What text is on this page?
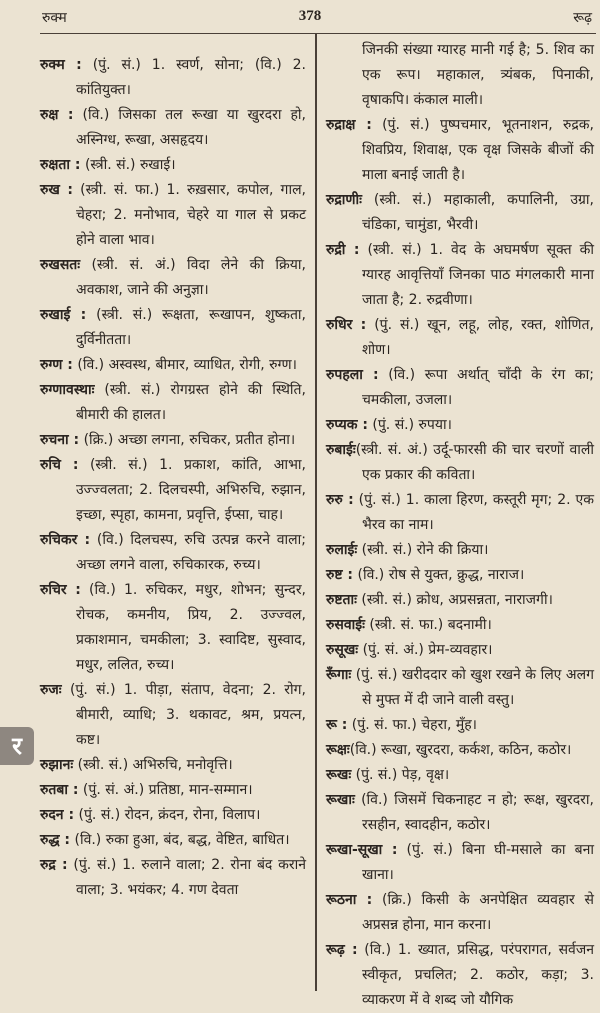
रुक्म	378	रूढ़
र

रुक्म : (पुं. सं.) 1. स्वर्ण, सोना; (वि.) 2. कांतियुक्त।

रुक्ष : (वि.) जिसका तल रूखा या खुरदरा हो, अस्निग्ध, रूखा, असहृदय।

रुक्षता : (स्त्री. सं.) रुखाई।

रुख : (स्त्री. सं. फा.) 1. रुख़सार, कपोल, गाल, चेहरा; 2. मनोभाव, चेहरे या गाल से प्रकट होने वाला भाव।

रुखसतः (स्त्री. सं. अं.) विदा लेने की क्रिया, अवकाश, जाने की अनुज्ञा।

रुखाई : (स्त्री. सं.) रूक्षता, रूखापन, शुष्कता, दुर्विनीतता।

रुग्ण : (वि.) अस्वस्थ, बीमार, व्याधित, रोगी, रुग्ण।

रुग्णावस्थाः (स्त्री. सं.) रोगग्रस्त होने की स्थिति, बीमारी की हालत।

रुचना : (क्रि.) अच्छा लगना, रुचिकर, प्रतीत होना।

रुचि : (स्त्री. सं.) 1. प्रकाश, कांति, आभा, उज्ज्वलता; 2. दिलचस्पी, अभिरुचि, रुझान, इच्छा, स्पृहा, कामना, प्रवृत्ति, ईप्सा, चाह।

रुचिकर : (वि.) दिलचस्प, रुचि उत्पन्न करने वाला; अच्छा लगने वाला, रुचिकारक, रुच्य।

रुचिर : (वि.) 1. रुचिकर, मधुर, शोभन; सुन्दर, रोचक, कमनीय, प्रिय, 2. उज्ज्वल, प्रकाशमान, चमकीला; 3. स्वादिष्ट, सुस्वाद, मधुर, ललित, रुच्य।

रुजः (पुं. सं.) 1. पीड़ा, संताप, वेदना; 2. रोग, बीमारी, व्याधि; 3. थकावट, श्रम, प्रयत्न, कष्ट।

रुझानः (स्त्री. सं.) अभिरुचि, मनोवृत्ति।

रुतबा : (पुं. सं. अं.) प्रतिष्ठा, मान-सम्मान।

रुदन : (पुं. सं.) रोदन, क्रंदन, रोना, विलाप।

रुद्ध : (वि.) रुका हुआ, बंद, बद्ध, वेष्टित, बाधित।

रुद्र : (पुं. सं.) 1. रुलाने वाला; 2. रोना बंद कराने वाला; 3. भयंकर; 4. गण देवता

जिनकी संख्या ग्यारह मानी गई है; 5. शिव का एक रूप। महाकाल, त्र्यंबक, पिनाकी, वृषाकपि। कंकाल माली।

रुद्राक्ष : (पुं. सं.) पुष्पचमार, भूतनाशन, रुद्रक, शिवप्रिय, शिवाक्ष, एक वृक्ष जिसके बीजों की माला बनाई जाती है।

रुद्राणीः (स्त्री. सं.) महाकाली, कपालिनी, उग्रा, चंडिका, चामुंडा, भैरवी।

रुद्री : (स्त्री. सं.) 1. वेद के अघमर्षण सूक्त की ग्यारह आवृत्तियाँ जिनका पाठ मंगलकारी माना जाता है; 2. रुद्रवीणा।

रुधिर : (पुं. सं.) खून, लहू, लोह, रक्त, शोणित, शोण।

रुपहला : (वि.) रूपा अर्थात् चाँदी के रंग का; चमकीला, उजला।

रुप्यक : (पुं. सं.) रुपया।

रुबाईः(स्त्री. सं. अं.) उर्दू-फारसी की चार चरणों वाली एक प्रकार की कविता।

रुरु : (पुं. सं.) 1. काला हिरण, कस्तूरी मृग; 2. एक भैरव का नाम।

रुलाईः (स्त्री. सं.) रोने की क्रिया।

रुष्ट : (वि.) रोष से युक्त, क्रुद्ध, नाराज।

रुष्टताः (स्त्री. सं.) क्रोध, अप्रसन्नता, नाराजगी।

रुसवाईः (स्त्री. सं. फा.) बदनामी।

रुसूखः (पुं. सं. अं.) प्रेम-व्यवहार।

रूँगाः (पुं. सं.) खरीददार को खुश रखने के लिए अलग से मुफ्त में दी जाने वाली वस्तु।

रू : (पुं. सं. फा.) चेहरा, मुँह।

रूक्षः(वि.) रूखा, खुरदरा, कर्कश, कठिन, कठोर।

रूखः (पुं. सं.) पेड़, वृक्ष।

रूखाः (वि.) जिसमें चिकनाहट न हो; रूक्ष, खुरदरा, रसहीन, स्वादहीन, कठोर।

रूखा-सूखा : (पुं. सं.) बिना घी-मसाले का बना खाना।

रूठना : (क्रि.) किसी के अनपेक्षित व्यवहार से अप्रसन्न होना, मान करना।

रूढ़ : (वि.) 1. ख्यात, प्रसिद्ध, परंपरागत, सर्वजन स्वीकृत, प्रचलित; 2. कठोर, कड़ा; 3. व्याकरण में वे शब्द जो यौगिक
